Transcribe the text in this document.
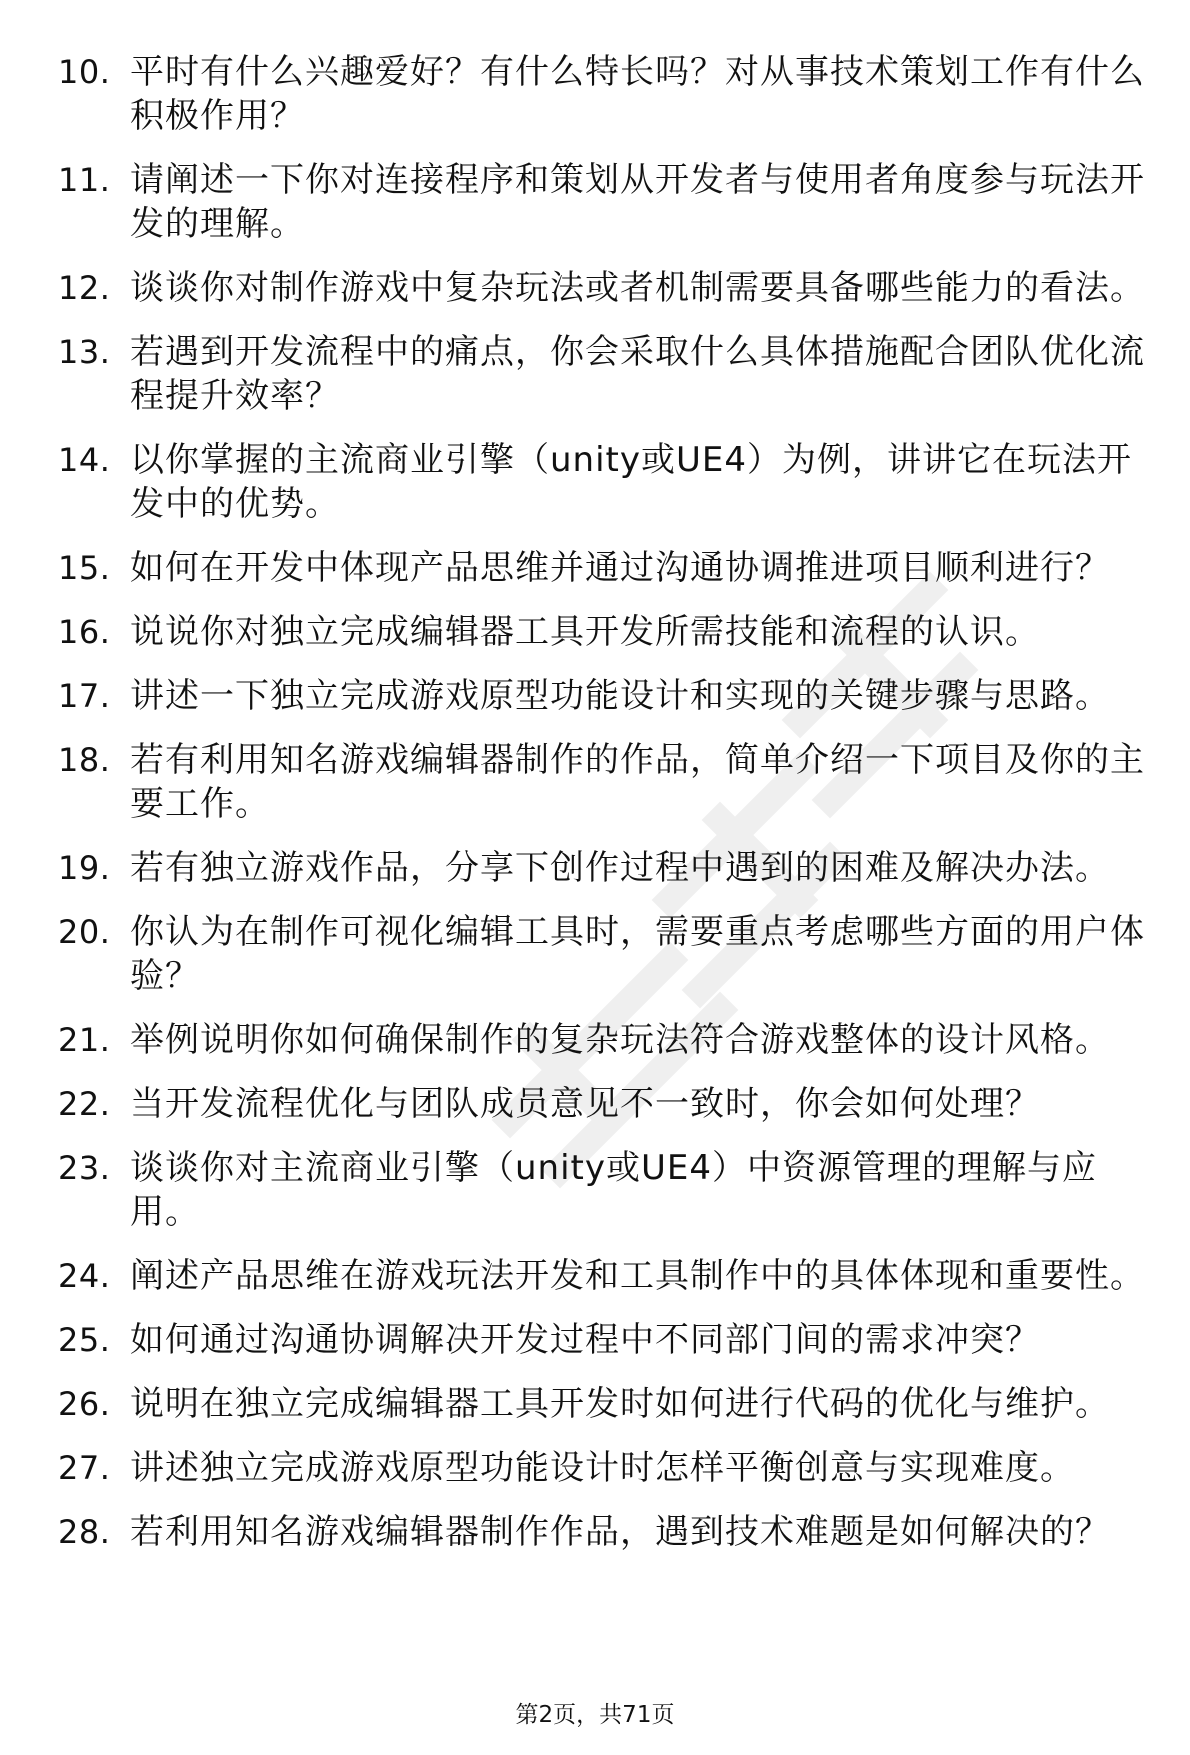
10. 平时有什么兴趣爱好？有什么特长吗？对从事技术策划工作有什么积极作用？
11. 请阐述一下你对连接程序和策划从开发者与使用者角度参与玩法开发的理解。
12. 谈谈你对制作游戏中复杂玩法或者机制需要具备哪些能力的看法。
13. 若遇到开发流程中的痛点，你会采取什么具体措施配合团队优化流程提升效率？
14. 以你掌握的主流商业引擎（unity或UE4）为例，讲讲它在玩法开发中的优势。
15. 如何在开发中体现产品思维并通过沟通协调推进项目顺利进行？
16. 说说你对独立完成编辑器工具开发所需技能和流程的认识。
17. 讲述一下独立完成游戏原型功能设计和实现的关键步骤与思路。
18. 若有利用知名游戏编辑器制作的作品，简单介绍一下项目及你的主要工作。
19. 若有独立游戏作品，分享下创作过程中遇到的困难及解决办法。
20. 你认为在制作可视化编辑工具时，需要重点考虑哪些方面的用户体验？
21. 举例说明你如何确保制作的复杂玩法符合游戏整体的设计风格。
22. 当开发流程优化与团队成员意见不一致时，你会如何处理？
23. 谈谈你对主流商业引擎（unity或UE4）中资源管理的理解与应用。
24. 阐述产品思维在游戏玩法开发和工具制作中的具体体现和重要性。
25. 如何通过沟通协调解决开发过程中不同部门间的需求冲突？
26. 说明在独立完成编辑器工具开发时如何进行代码的优化与维护。
27. 讲述独立完成游戏原型功能设计时怎样平衡创意与实现难度。
28. 若利用知名游戏编辑器制作作品，遇到技术难题是如何解决的？
第2页，共71页
